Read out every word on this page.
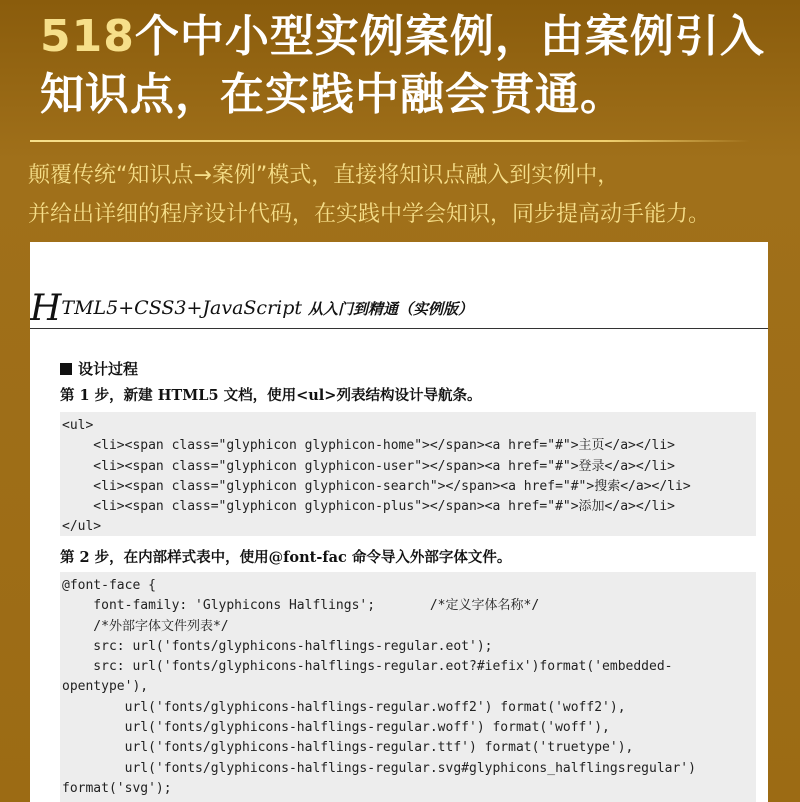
518个中小型实例案例，由案例引入
知识点，在实践中融会贯通。
颠覆传统“知识点→案例”模式，直接将知识点融入到实例中，
并给出详细的程序设计代码，在实践中学会知识，同步提高动手能力。
HTML5+CSS3+JavaScript 从入门到精通（实例版）
设计过程
第 1 步，新建 HTML5 文档，使用<ul>列表结构设计导航条。
<ul>
<li><span class="glyphicon glyphicon-home"></span><a href="#">主页</a></li>
<li><span class="glyphicon glyphicon-user"></span><a href="#">登录</a></li>
<li><span class="glyphicon glyphicon-search"></span><a href="#">搜索</a></li>
<li><span class="glyphicon glyphicon-plus"></span><a href="#">添加</a></li>
</ul>
第 2 步，在内部样式表中，使用@font-fac 命令导入外部字体文件。
@font-face {
font-family: 'Glyphicons Halflings';       /*定义字体名称*/
/*外部字体文件列表*/
src: url('fonts/glyphicons-halflings-regular.eot');
src: url('fonts/glyphicons-halflings-regular.eot?#iefix')format('embedded-
opentype'),
url('fonts/glyphicons-halflings-regular.woff2') format('woff2'),
url('fonts/glyphicons-halflings-regular.woff') format('woff'),
url('fonts/glyphicons-halflings-regular.ttf') format('truetype'),
url('fonts/glyphicons-halflings-regular.svg#glyphicons_halflingsregular')
format('svg');
